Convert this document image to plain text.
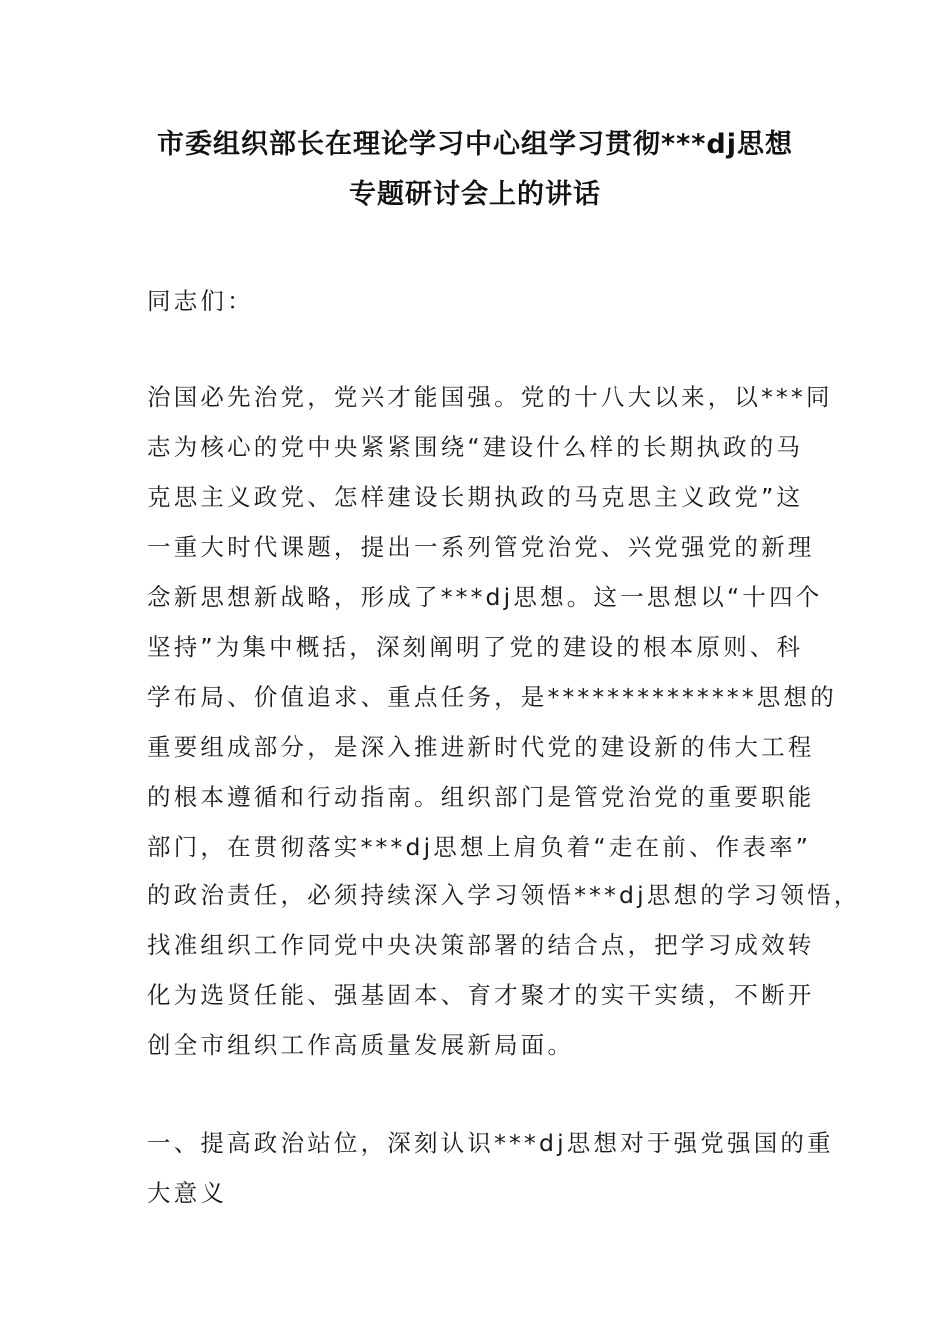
市委组织部长在理论学习中心组学习贯彻***dj思想
专题研讨会上的讲话
同志们：
治国必先治党，党兴才能国强。党的十八大以来，以***同
志为核心的党中央紧紧围绕“建设什么样的长期执政的马
克思主义政党、怎样建设长期执政的马克思主义政党”这
一重大时代课题，提出一系列管党治党、兴党强党的新理
念新思想新战略，形成了***dj思想。这一思想以“十四个
坚持”为集中概括，深刻阐明了党的建设的根本原则、科
学布局、价值追求、重点任务，是**************思想的
重要组成部分，是深入推进新时代党的建设新的伟大工程
的根本遵循和行动指南。组织部门是管党治党的重要职能
部门，在贯彻落实***dj思想上肩负着“走在前、作表率”
的政治责任，必须持续深入学习领悟***dj思想的学习领悟，
找准组织工作同党中央决策部署的结合点，把学习成效转
化为选贤任能、强基固本、育才聚才的实干实绩，不断开
创全市组织工作高质量发展新局面。
一、提高政治站位，深刻认识***dj思想对于强党强国的重
大意义
